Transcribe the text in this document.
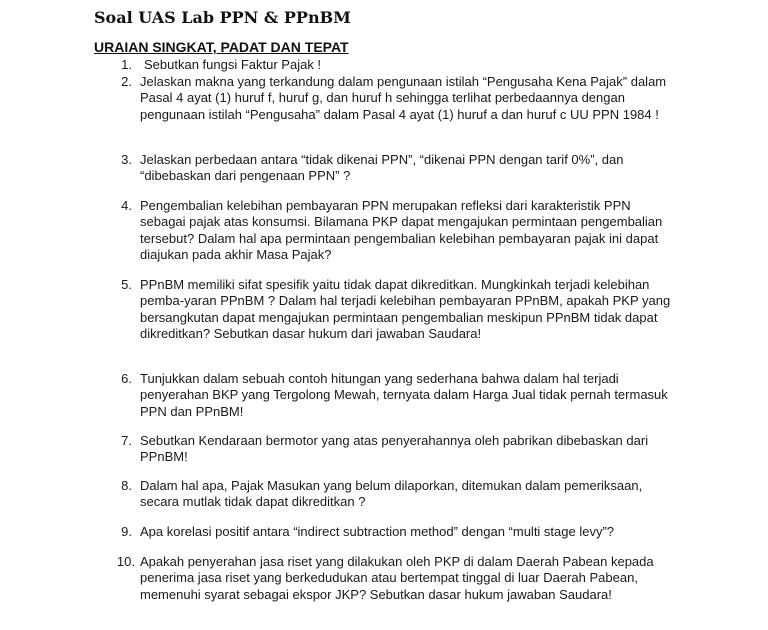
Soal UAS Lab PPN & PPnBM
URAIAN SINGKAT, PADAT DAN TEPAT
1. Sebutkan fungsi Faktur Pajak !
2. Jelaskan makna yang terkandung dalam pengunaan istilah “Pengusaha Kena Pajak” dalam Pasal 4 ayat (1) huruf f, huruf g, dan huruf h sehingga terlihat perbedaannya dengan pengunaan istilah “Pengusaha” dalam Pasal 4 ayat (1) huruf a dan huruf c UU PPN 1984 !
3. Jelaskan perbedaan antara “tidak dikenai PPN”, “dikenai PPN dengan tarif 0%”, dan “dibebaskan dari pengenaan PPN” ?
4. Pengembalian kelebihan pembayaran PPN merupakan refleksi dari karakteristik PPN sebagai pajak atas konsumsi. Bilamana PKP dapat mengajukan permintaan pengembalian tersebut? Dalam hal apa permintaan pengembalian kelebihan pembayaran pajak ini dapat diajukan pada akhir Masa Pajak?
5. PPnBM memiliki sifat spesifik yaitu tidak dapat dikreditkan. Mungkinkah terjadi kelebihan pemba-yaran PPnBM ? Dalam hal terjadi kelebihan pembayaran PPnBM, apakah PKP yang bersangkutan dapat mengajukan permintaan pengembalian meskipun PPnBM tidak dapat dikreditkan? Sebutkan dasar hukum dari jawaban Saudara!
6. Tunjukkan dalam sebuah contoh hitungan yang sederhana bahwa dalam hal terjadi penyerahan BKP yang Tergolong Mewah, ternyata dalam Harga Jual tidak pernah termasuk PPN dan PPnBM!
7. Sebutkan Kendaraan bermotor yang atas penyerahannya oleh pabrikan dibebaskan dari PPnBM!
8. Dalam hal apa, Pajak Masukan yang belum dilaporkan, ditemukan dalam pemeriksaan, secara mutlak tidak dapat dikreditkan ?
9. Apa korelasi positif antara “indirect subtraction method” dengan “multi stage levy”?
10. Apakah penyerahan jasa riset yang dilakukan oleh PKP di dalam Daerah Pabean kepada penerima jasa riset yang berkedudukan atau bertempat tinggal di luar Daerah Pabean, memenuhi syarat sebagai ekspor JKP? Sebutkan dasar hukum jawaban Saudara!
